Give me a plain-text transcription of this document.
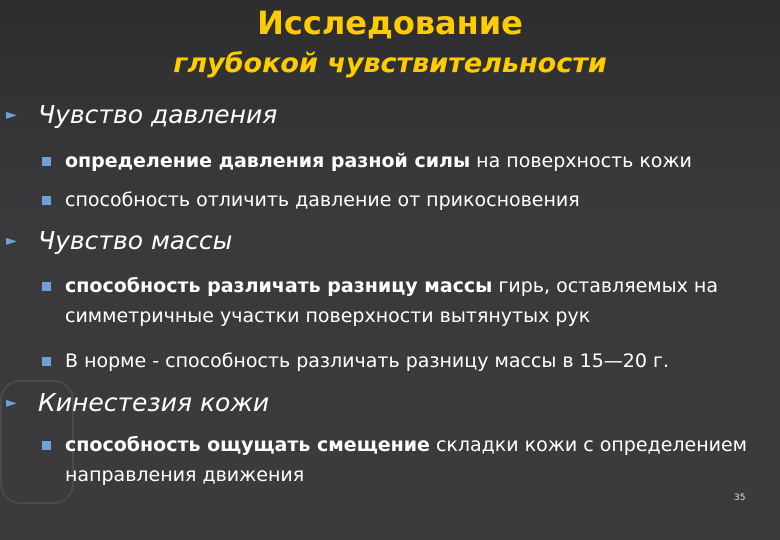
Исследование
глубокой чувствительности
► Чувство давления
определение давления разной силы на поверхность кожи
способность отличить давление от прикосновения
► Чувство массы
способность различать разницу массы гирь, оставляемых на симметричные участки поверхности вытянутых рук
В норме - способность различать разницу массы в 15—20 г.
► Кинестезия кожи
способность ощущать смещение складки кожи с определением направления движения
35
